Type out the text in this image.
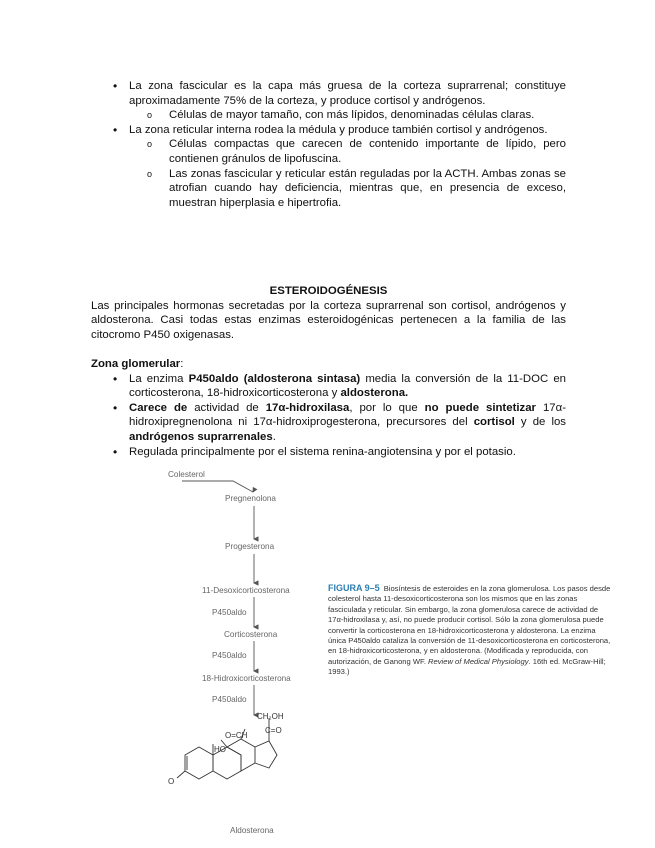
• La zona fascicular es la capa más gruesa de la corteza suprarrenal; constituye aproximadamente 75% de la corteza, y produce cortisol y andrógenos.
o Células de mayor tamaño, con más lípidos, denominadas células claras.
• La zona reticular interna rodea la médula y produce también cortisol y andrógenos.
o Células compactas que carecen de contenido importante de lípido, pero contienen gránulos de lipofuscina.
o Las zonas fascicular y reticular están reguladas por la ACTH. Ambas zonas se atrofian cuando hay deficiencia, mientras que, en presencia de exceso, muestran hiperplasia e hipertrofia.
ESTEROIDOGÉNESIS
Las principales hormonas secretadas por la corteza suprarrenal son cortisol, andrógenos y aldosterona. Casi todas estas enzimas esteroidogénicas pertenecen a la familia de las citocromo P450 oxigenasas.
Zona glomerular:
• La enzima P450aldo (aldosterona sintasa) media la conversión de la 11-DOC en corticosterona, 18-hidroxicorticosterona y aldosterona.
• Carece de actividad de 17α-hidroxilasa, por lo que no puede sintetizar 17α-hidroxipregnenolona ni 17α-hidroxiprogesterona, precursores del cortisol y de los andrógenos suprarrenales.
• Regulada principalmente por el sistema renina-angiotensina y por el potasio.
Colesterol
Pregnenolona
Progesterona
11-Desoxicorticosterona
P450aldo
Corticosterona
P450aldo
18-Hidroxicorticosterona
P450aldo
Aldosterona
CH₂OH
C=O
O=CH
HO
O
FIGURA 9–5 Biosíntesis de esteroides en la zona glomerulosa. Los pasos desde colesterol hasta 11-desoxicorticosterona son los mismos que en las zonas fasciculada y reticular. Sin embargo, la zona glomerulosa carece de actividad de 17α-hidroxilasa y, así, no puede producir cortisol. Sólo la zona glomerulosa puede convertir la corticosterona en 18-hidroxicorticosterona y aldosterona. La enzima única P450aldo cataliza la conversión de 11-desoxicorticosterona en corticosterona, en 18-hidroxicorticosterona, y en aldosterona. (Modificada y reproducida, con autorización, de Ganong WF. Review of Medical Physiology. 16th ed. McGraw-Hill; 1993.)
